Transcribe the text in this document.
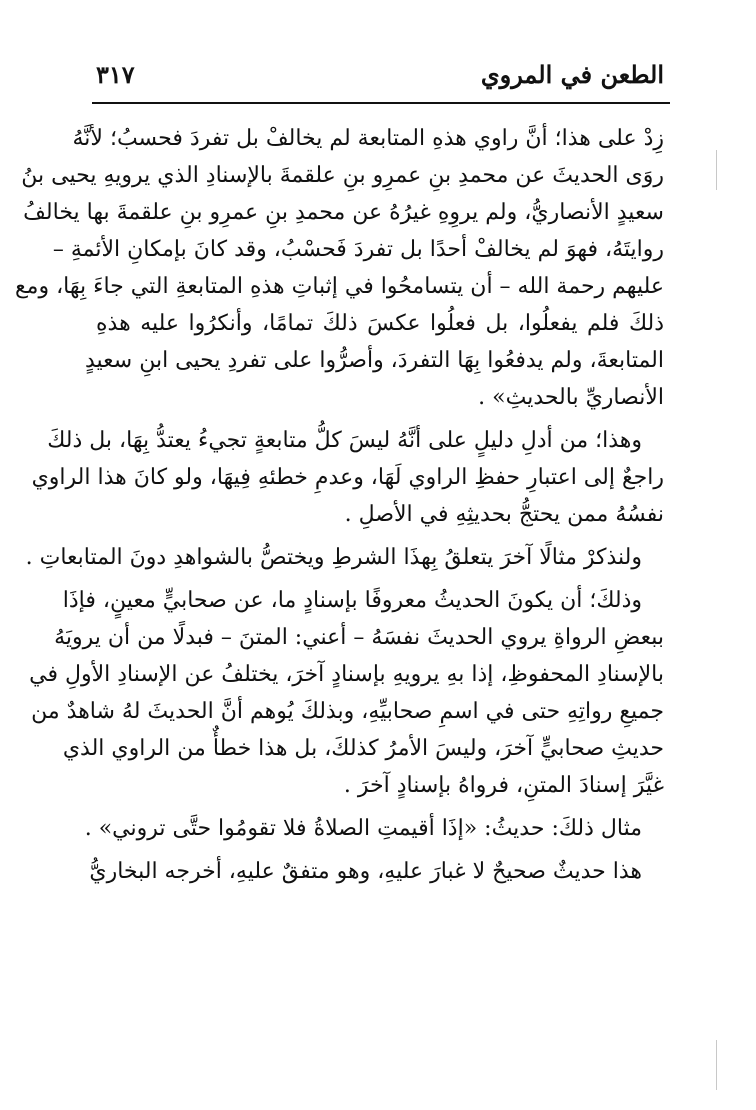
الطعن في المروي
٣١٧
زِدْ على هذا؛ أنَّ راوي هذهِ المتابعة لم يخالفْ بل تفردَ فحسبُ؛ لأنَّهُ
روَى الحديثَ عن محمدِ بنِ عمرِو بنِ علقمةَ بالإسنادِ الذي يرويهِ يحيى بنُ
سعيدٍ الأنصاريُّ، ولم يروِهِ غيرُهُ عن محمدِ بنِ عمرِو بنِ علقمةَ بها يخالفُ
روايتَهُ، فهوَ لم يخالفْ أحدًا بل تفردَ فَحسْبُ، وقد كانَ بإمكانِ الأئمةِ –
عليهم رحمة الله – أن يتسامحُوا في إثباتِ هذهِ المتابعةِ التي جاءَ بِهَا، ومع
ذلكَ فلم يفعلُوا، بل فعلُوا عكسَ ذلكَ تمامًا، وأنكرُوا عليه هذهِ
المتابعةَ، ولم يدفعُوا بِهَا التفردَ، وأصرُّوا على تفردِ يحيى ابنِ سعيدٍ
الأنصاريِّ بالحديثِ» .
وهذا؛ من أدلِ دليلٍ على أنَّهُ ليسَ كلُّ متابعةٍ تجيءُ يعتدُّ بِهَا، بل ذلكَ
راجعٌ إلى اعتبارِ حفظِ الراوي لَهَا، وعدمِ خطئهِ فِيهَا، ولو كانَ هذا الراوي
نفسُهُ ممن يحتجُّ بحديثِهِ في الأصلِ .
ولنذكرْ مثالًا آخرَ يتعلقُ بِهذَا الشرطِ ويختصُّ بالشواهدِ دونَ المتابعاتِ .
وذلكَ؛ أن يكونَ الحديثُ معروفًا بإسنادٍ ما، عن صحابيٍّ معينٍ، فإذَا
ببعضِ الرواةِ يروي الحديثَ نفسَهُ – أعني: المتنَ – فبدلًا من أن يرويَهُ
بالإسنادِ المحفوظِ، إذا بهِ يرويهِ بإسنادٍ آخرَ، يختلفُ عن الإسنادِ الأولِ في
جميعِ رواتِهِ حتى في اسمِ صحابيِّهِ، وبذلكَ يُوهم أنَّ الحديثَ لهُ شاهدٌ من
حديثِ صحابيٍّ آخرَ، وليسَ الأمرُ كذلكَ، بل هذا خطأٌ من الراوي الذي
غيَّرَ إسنادَ المتنِ، فرواهُ بإسنادٍ آخرَ .
مثال ذلكَ: حديثُ: «إذَا أقيمتِ الصلاةُ فلا تقومُوا حتَّى تروني» .
هذا حديثٌ صحيحٌ لا غبارَ عليهِ، وهو متفقٌ عليهِ، أخرجه البخاريُّ
